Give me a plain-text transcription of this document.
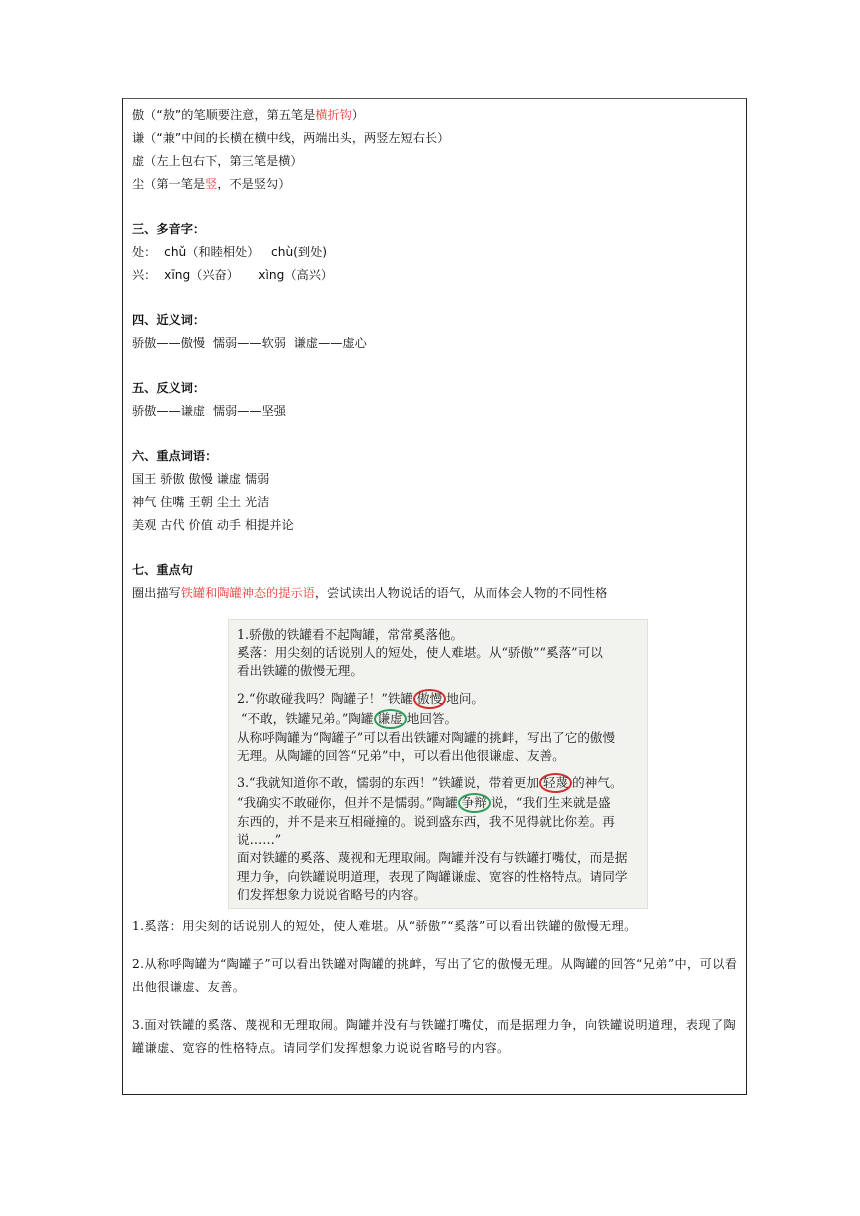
傲（“敖”的笔顺要注意，第五笔是横折钩）
谦（“兼”中间的长横在横中线，两端出头，两竖左短右长）
虚（左上包右下，第三笔是横）
尘（第一笔是竖，不是竖勾）
三、多音字：
处：  chǔ（和睦相处）   chù(到处)
兴：  xīng（兴奋）     xìng（高兴）
四、近义词：
骄傲——傲慢  懦弱——软弱  谦虚——虚心
五、反义词：
骄傲——谦虚  懦弱——坚强
六、重点词语：
国王 骄傲 傲慢 谦虚 懦弱
神气 住嘴 王朝 尘土 光洁
美观 古代 价值 动手 相提并论
七、重点句
圈出描写铁罐和陶罐神态的提示语，尝试读出人物说话的语气，从而体会人物的不同性格
1.骄傲的铁罐看不起陶罐，常常奚落他。
奚落：用尖刻的话说别人的短处，使人难堪。从“骄傲”“奚落”可以
看出铁罐的傲慢无理。
2.“你敢碰我吗？陶罐子！”铁罐 傲慢 地问。
“不敢，铁罐兄弟。”陶罐 谦虚 地回答。
从称呼陶罐为“陶罐子”可以看出铁罐对陶罐的挑衅，写出了它的傲慢
无理。从陶罐的回答“兄弟”中，可以看出他很谦虚、友善。
3.“我就知道你不敢，懦弱的东西！”铁罐说，带着更加 轻蔑 的神气。
“我确实不敢碰你，但并不是懦弱。”陶罐 争辩 说，“我们生来就是盛
东西的，并不是来互相碰撞的。说到盛东西，我不见得就比你差。再
说……”
面对铁罐的奚落、蔑视和无理取闹。陶罐并没有与铁罐打嘴仗，而是据
理力争，向铁罐说明道理，表现了陶罐谦虚、宽容的性格特点。请同学
们发挥想象力说说省略号的内容。
1.奚落：用尖刻的话说别人的短处，使人难堪。从“骄傲”“奚落”可以看出铁罐的傲慢无理。
2.从称呼陶罐为“陶罐子”可以看出铁罐对陶罐的挑衅，写出了它的傲慢无理。从陶罐的回答“兄弟”中，可以看出他很谦虚、友善。
3.面对铁罐的奚落、蔑视和无理取闹。陶罐并没有与铁罐打嘴仗，而是据理力争，向铁罐说明道理，表现了陶罐谦虚、宽容的性格特点。请同学们发挥想象力说说省略号的内容。
